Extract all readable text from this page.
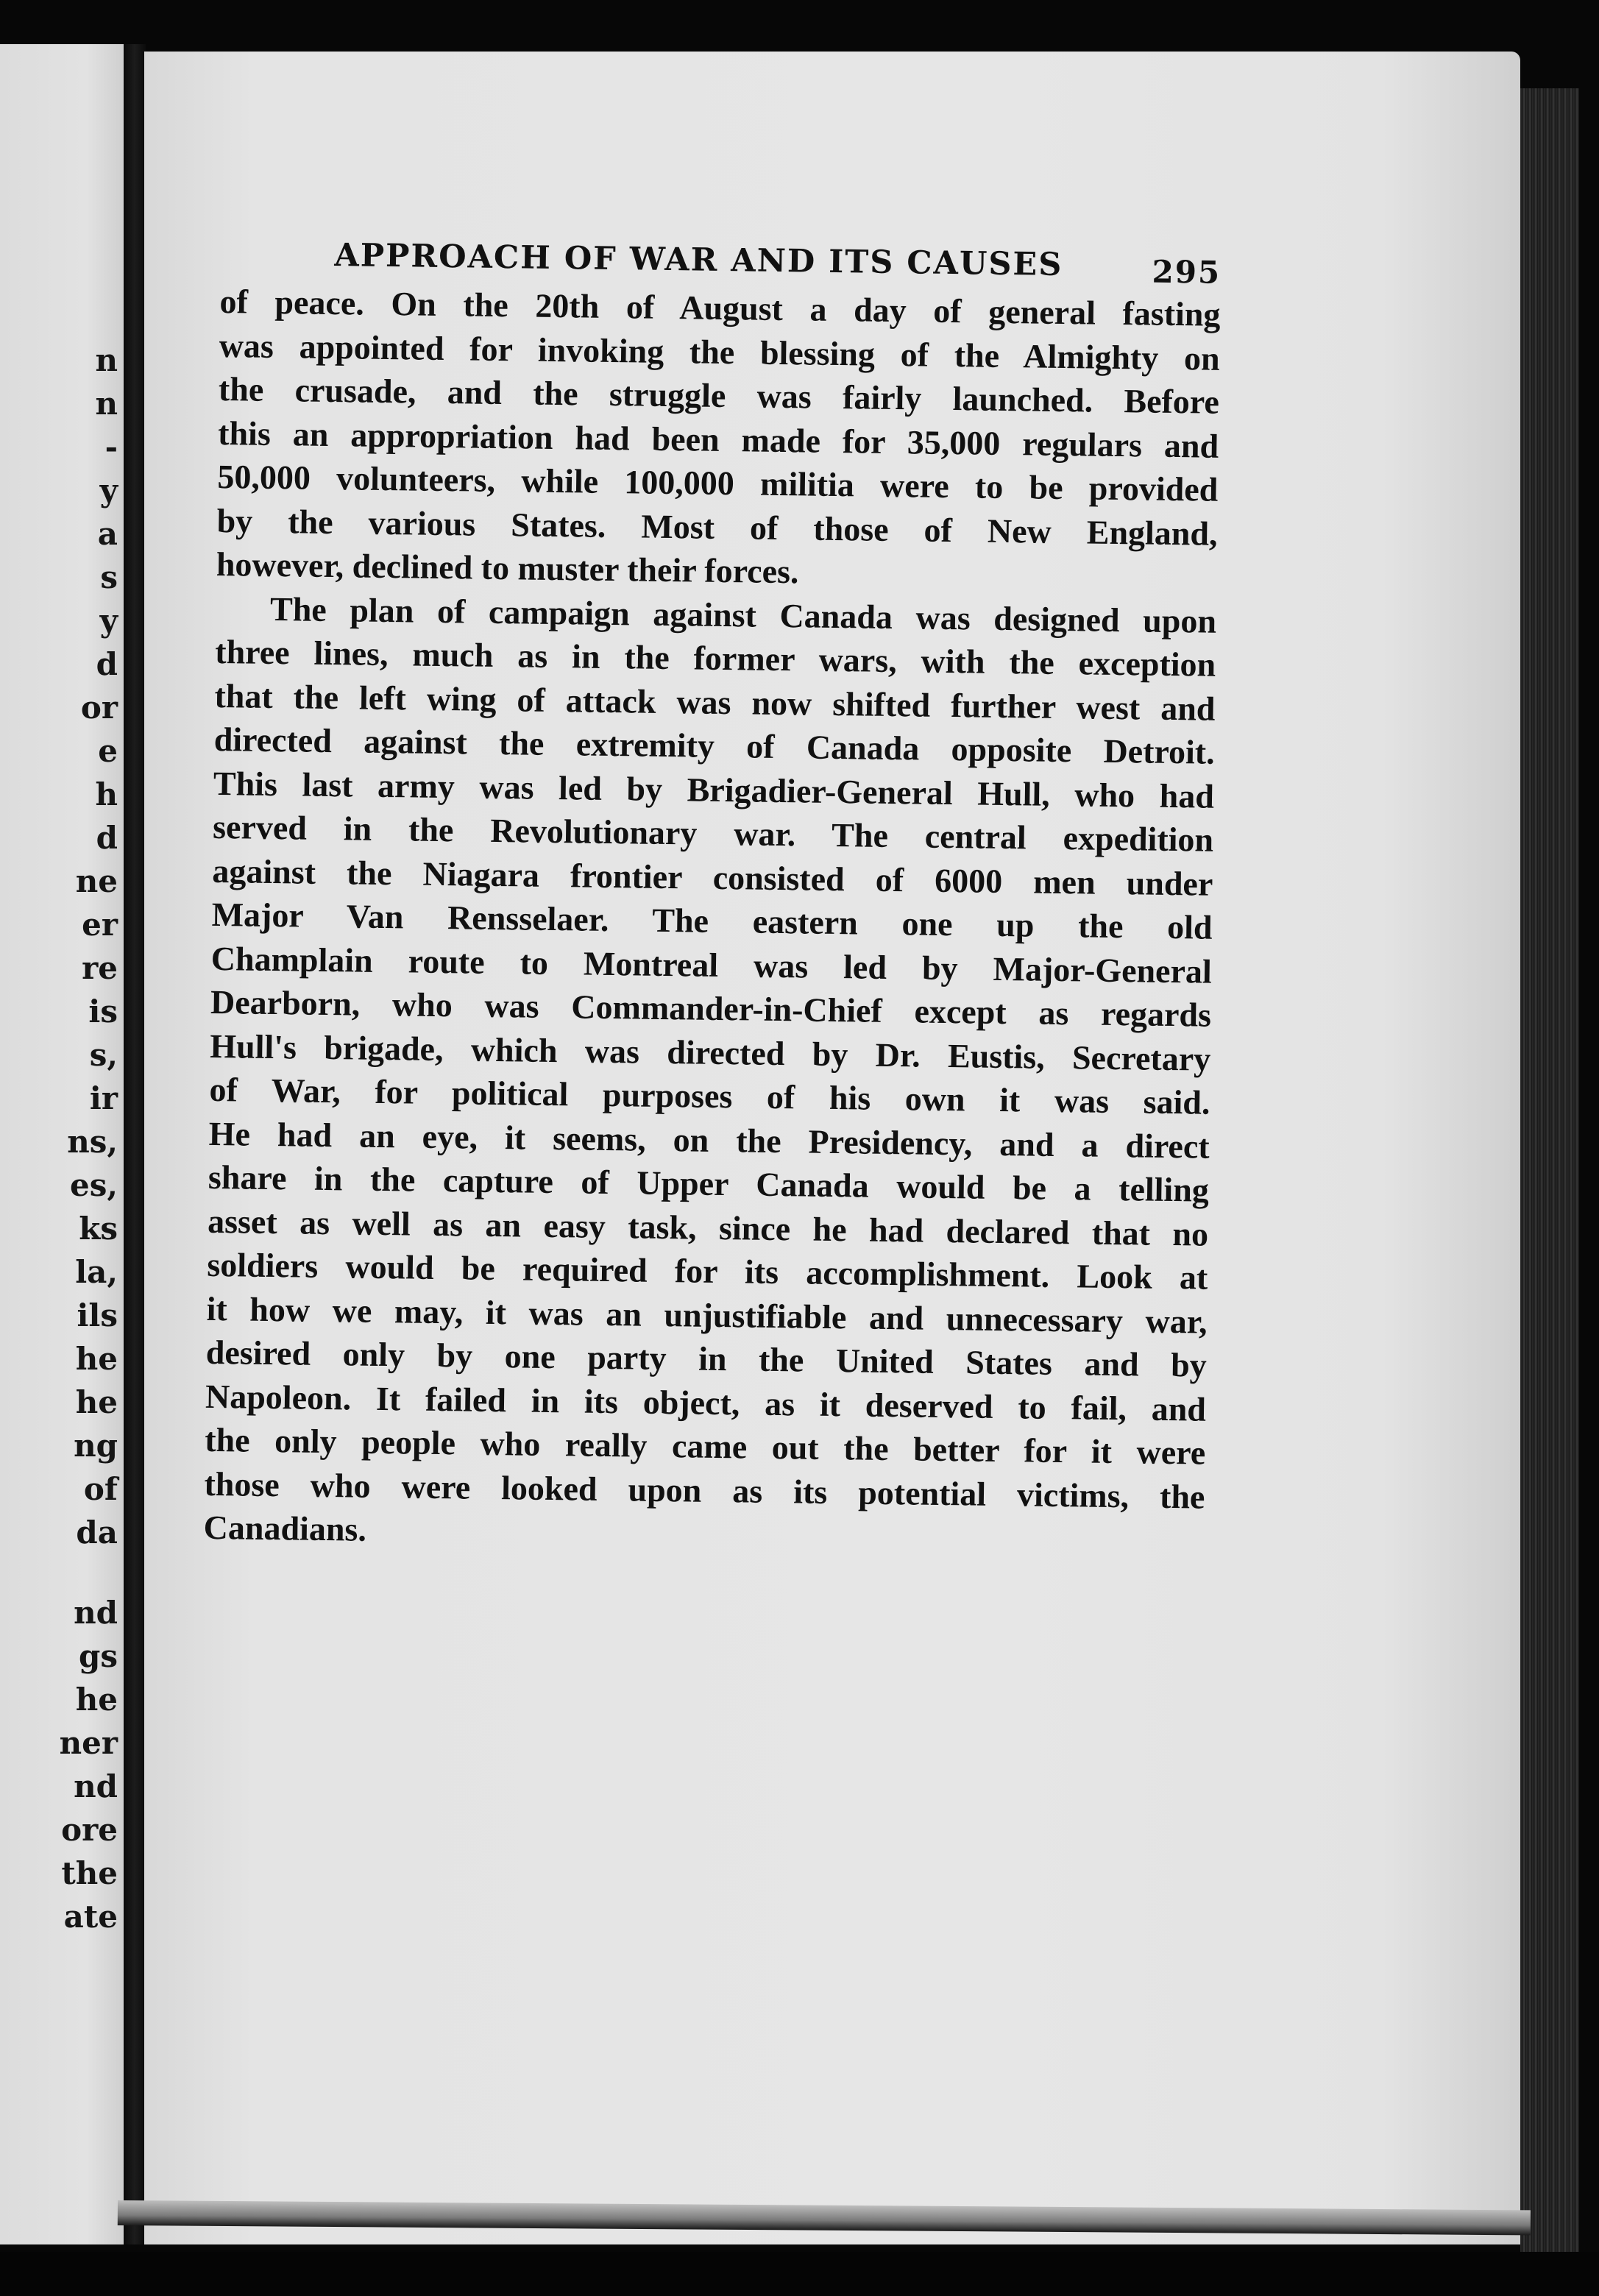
n
n
-
y
a
s
y
d
or
e
h
d
ne
er
re
is
s,
ir
ns,
es,
ks
la,
ils
he
he
ng
of
da
nd
gs
he
ner
nd
ore
the
ate
APPROACH OF WAR AND ITS CAUSES	295
of peace. On the 20th of August a day of general fasting
was appointed for invoking the blessing of the Almighty on
the crusade, and the struggle was fairly launched. Before
this an appropriation had been made for 35,000 regulars and
50,000 volunteers, while 100,000 militia were to be provided
by the various States. Most of those of New England,
however, declined to muster their forces.
The plan of campaign against Canada was designed upon
three lines, much as in the former wars, with the exception
that the left wing of attack was now shifted further west and
directed against the extremity of Canada opposite Detroit.
This last army was led by Brigadier-General Hull, who had
served in the Revolutionary war. The central expedition
against the Niagara frontier consisted of 6000 men under
Major Van Rensselaer. The eastern one up the old
Champlain route to Montreal was led by Major-General
Dearborn, who was Commander-in-Chief except as regards
Hull's brigade, which was directed by Dr. Eustis, Secretary
of War, for political purposes of his own it was said.
He had an eye, it seems, on the Presidency, and a direct
share in the capture of Upper Canada would be a telling
asset as well as an easy task, since he had declared that no
soldiers would be required for its accomplishment. Look at
it how we may, it was an unjustifiable and unnecessary war,
desired only by one party in the United States and by
Napoleon. It failed in its object, as it deserved to fail, and
the only people who really came out the better for it were
those who were looked upon as its potential victims, the
Canadians.
